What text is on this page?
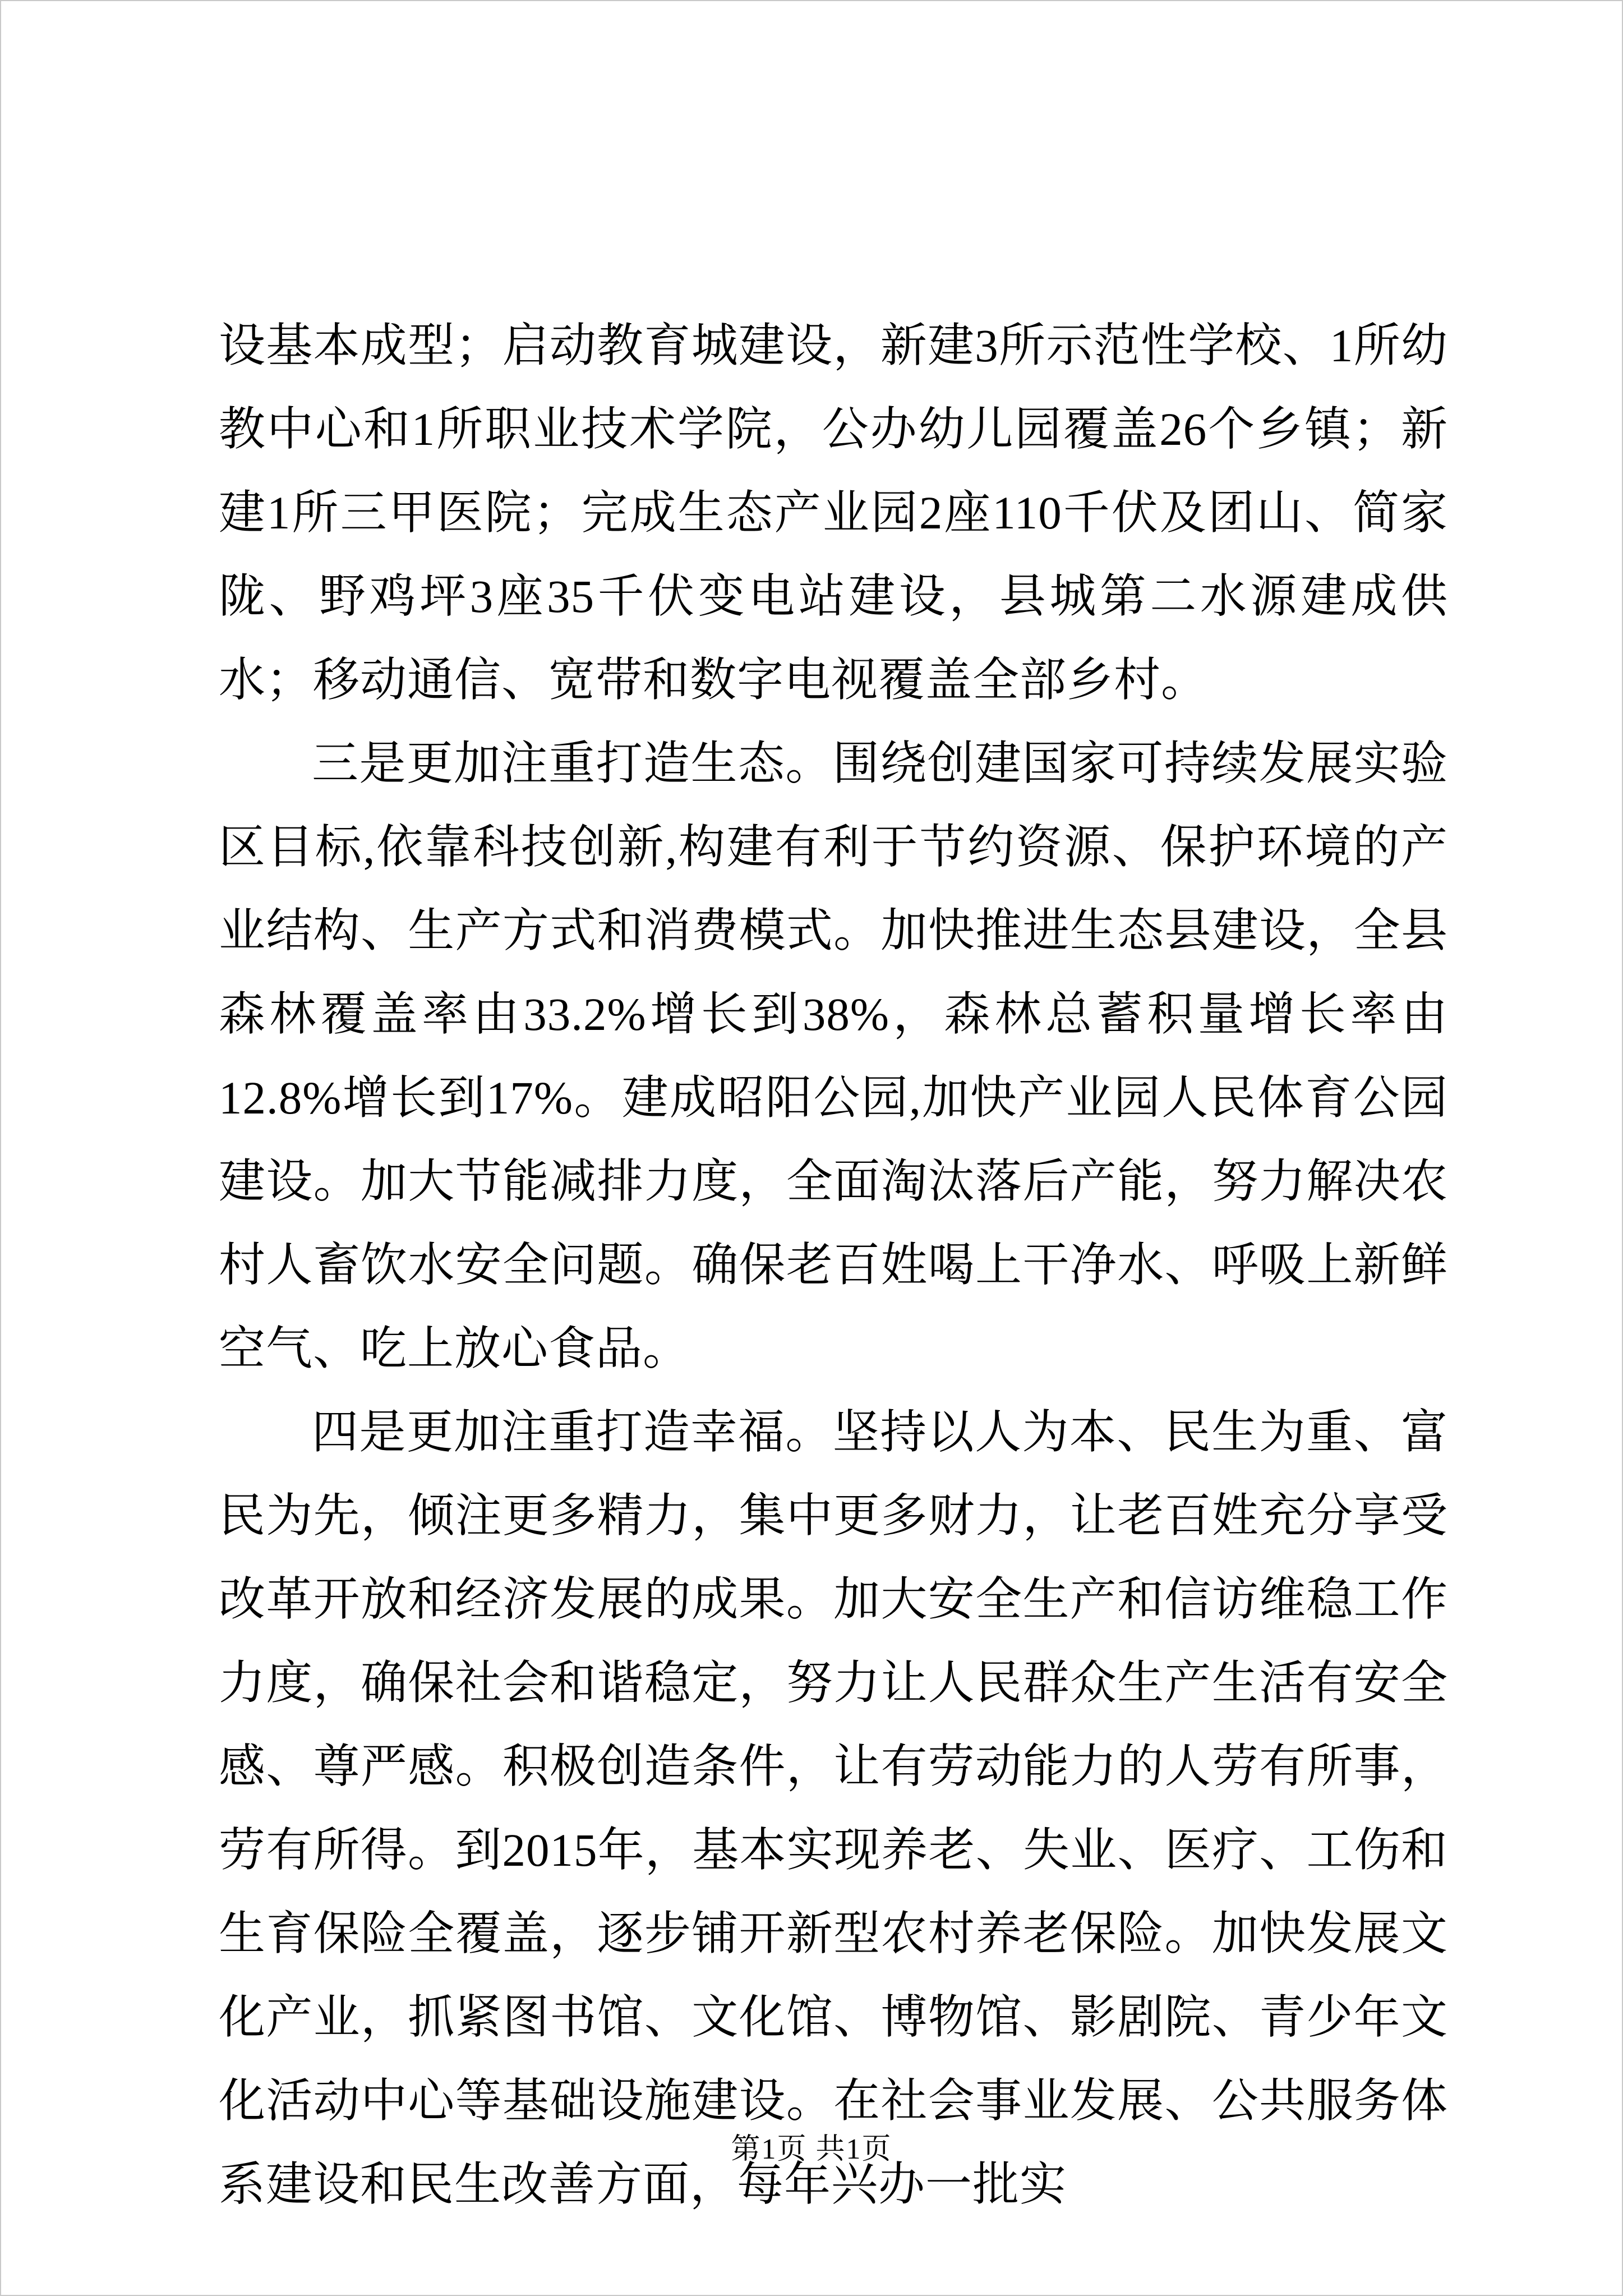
设基本成型；启动教育城建设，新建3所示范性学校、1所幼教中心和1所职业技术学院，公办幼儿园覆盖26个乡镇；新建1所三甲医院；完成生态产业园2座110千伏及团山、简家陇、野鸡坪3座35千伏变电站建设，县城第二水源建成供水；移动通信、宽带和数字电视覆盖全部乡村。

三是更加注重打造生态。围绕创建国家可持续发展实验区目标,依靠科技创新,构建有利于节约资源、保护环境的产业结构、生产方式和消费模式。加快推进生态县建设，全县森林覆盖率由33.2%增长到38%，森林总蓄积量增长率由12.8%增长到17%。建成昭阳公园,加快产业园人民体育公园建设。加大节能减排力度，全面淘汰落后产能，努力解决农村人畜饮水安全问题。确保老百姓喝上干净水、呼吸上新鲜空气、吃上放心食品。

四是更加注重打造幸福。坚持以人为本、民生为重、富民为先，倾注更多精力，集中更多财力，让老百姓充分享受改革开放和经济发展的成果。加大安全生产和信访维稳工作力度，确保社会和谐稳定，努力让人民群众生产生活有安全感、尊严感。积极创造条件，让有劳动能力的人劳有所事，劳有所得。到2015年，基本实现养老、失业、医疗、工伤和生育保险全覆盖，逐步铺开新型农村养老保险。加快发展文化产业，抓紧图书馆、文化馆、博物馆、影剧院、青少年文化活动中心等基础设施建设。在社会事业发展、公共服务体系建设和民生改善方面，每年兴办一批实

第1页 共1页
